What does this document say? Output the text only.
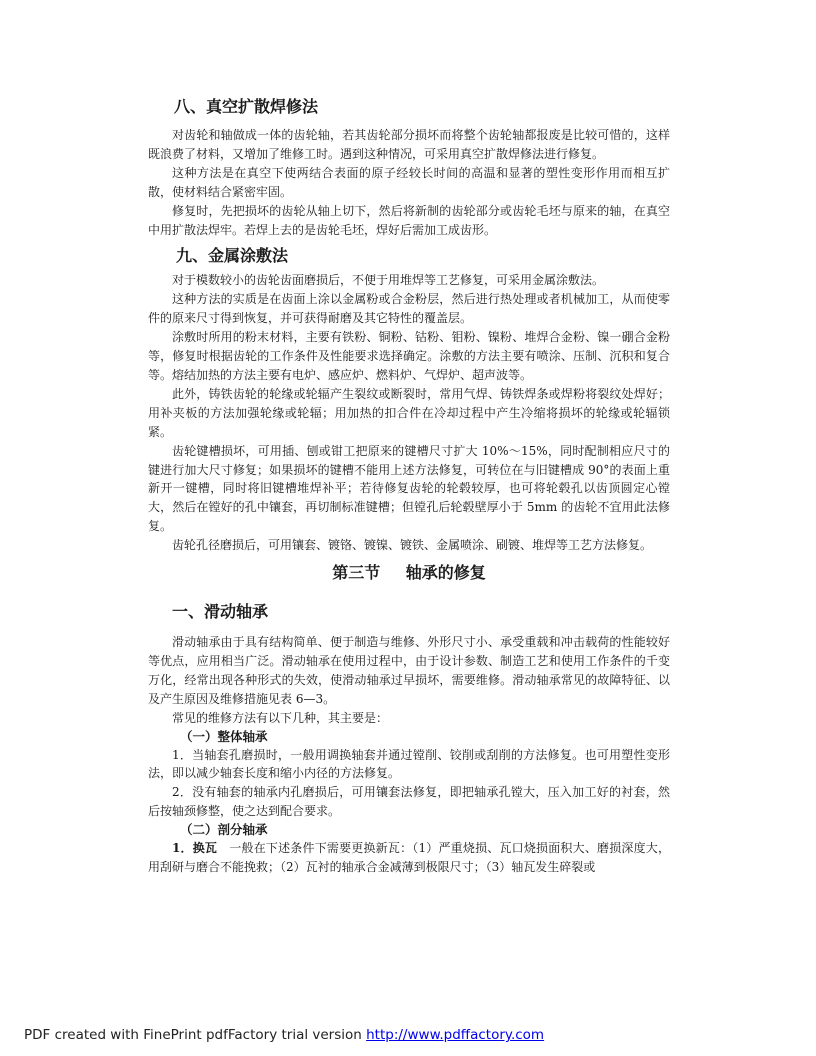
八、真空扩散焊修法

对齿轮和轴做成一体的齿轮轴，若其齿轮部分损坏而将整个齿轮轴都报废是比较可惜的，这样既浪费了材料，又增加了维修工时。遇到这种情况，可采用真空扩散焊修法进行修复。

这种方法是在真空下使两结合表面的原子经较长时间的高温和显著的塑性变形作用而相互扩散，使材料结合紧密牢固。

修复时，先把损坏的齿轮从轴上切下，然后将新制的齿轮部分或齿轮毛坯与原来的轴，在真空中用扩散法焊牢。若焊上去的是齿轮毛坯，焊好后需加工成齿形。

九、金属涂敷法

对于模数较小的齿轮齿面磨损后，不便于用堆焊等工艺修复，可采用金属涂敷法。

这种方法的实质是在齿面上涂以金属粉或合金粉层，然后进行热处理或者机械加工，从而使零件的原来尺寸得到恢复，并可获得耐磨及其它特性的覆盖层。

涂敷时所用的粉末材料，主要有铁粉、铜粉、钴粉、钼粉、镍粉、堆焊合金粉、镍一硼合金粉等，修复时根据齿轮的工作条件及性能要求选择确定。涂敷的方法主要有喷涂、压制、沉积和复合等。熔结加热的方法主要有电炉、感应炉、燃料炉、气焊炉、超声波等。

此外，铸铁齿轮的轮缘或轮辐产生裂纹或断裂时，常用气焊、铸铁焊条或焊粉将裂纹处焊好；用补夹板的方法加强轮缘或轮辐；用加热的扣合件在冷却过程中产生冷缩将损坏的轮缘或轮辐锁紧。

齿轮键槽损坏，可用插、刨或钳工把原来的键槽尺寸扩大 10%～15%，同时配制相应尺寸的键进行加大尺寸修复；如果损坏的键槽不能用上述方法修复，可转位在与旧键槽成 90°的表面上重新开一键槽，同时将旧键槽堆焊补平；若待修复齿轮的轮毂较厚，也可将轮毂孔以齿顶圆定心镗大，然后在镗好的孔中镶套，再切制标准键槽；但镗孔后轮毂壁厚小于 5mm 的齿轮不宜用此法修复。

齿轮孔径磨损后，可用镶套、镀铬、镀镍、镀铁、金属喷涂、刷镀、堆焊等工艺方法修复。

第三节 轴承的修复
一、滑动轴承

滑动轴承由于具有结构简单、便于制造与维修、外形尺寸小、承受重载和冲击载荷的性能较好等优点，应用相当广泛。滑动轴承在使用过程中，由于设计参数、制造工艺和使用工作条件的千变万化，经常出现各种形式的失效，使滑动轴承过早损坏，需要维修。滑动轴承常见的故障特征、以及产生原因及维修措施见表 6—3。

常见的维修方法有以下几种，其主要是：

（一）整体轴承

1．当轴套孔磨损时，一般用调换轴套并通过镗削、铰削或刮削的方法修复。也可用塑性变形法，即以减少轴套长度和缩小内径的方法修复。

2．没有轴套的轴承内孔磨损后，可用镶套法修复，即把轴承孔镗大，压入加工好的衬套，然后按轴颈修整，使之达到配合要求。

（二）剖分轴承

1．换瓦　一般在下述条件下需要更换新瓦：（1）严重烧损、瓦口烧损面积大、磨损深度大，用刮研与磨合不能挽救；（2）瓦衬的轴承合金减薄到极限尺寸；（3）轴瓦发生碎裂或

PDF created with FinePrint pdfFactory trial version http://www.pdffactory.com
